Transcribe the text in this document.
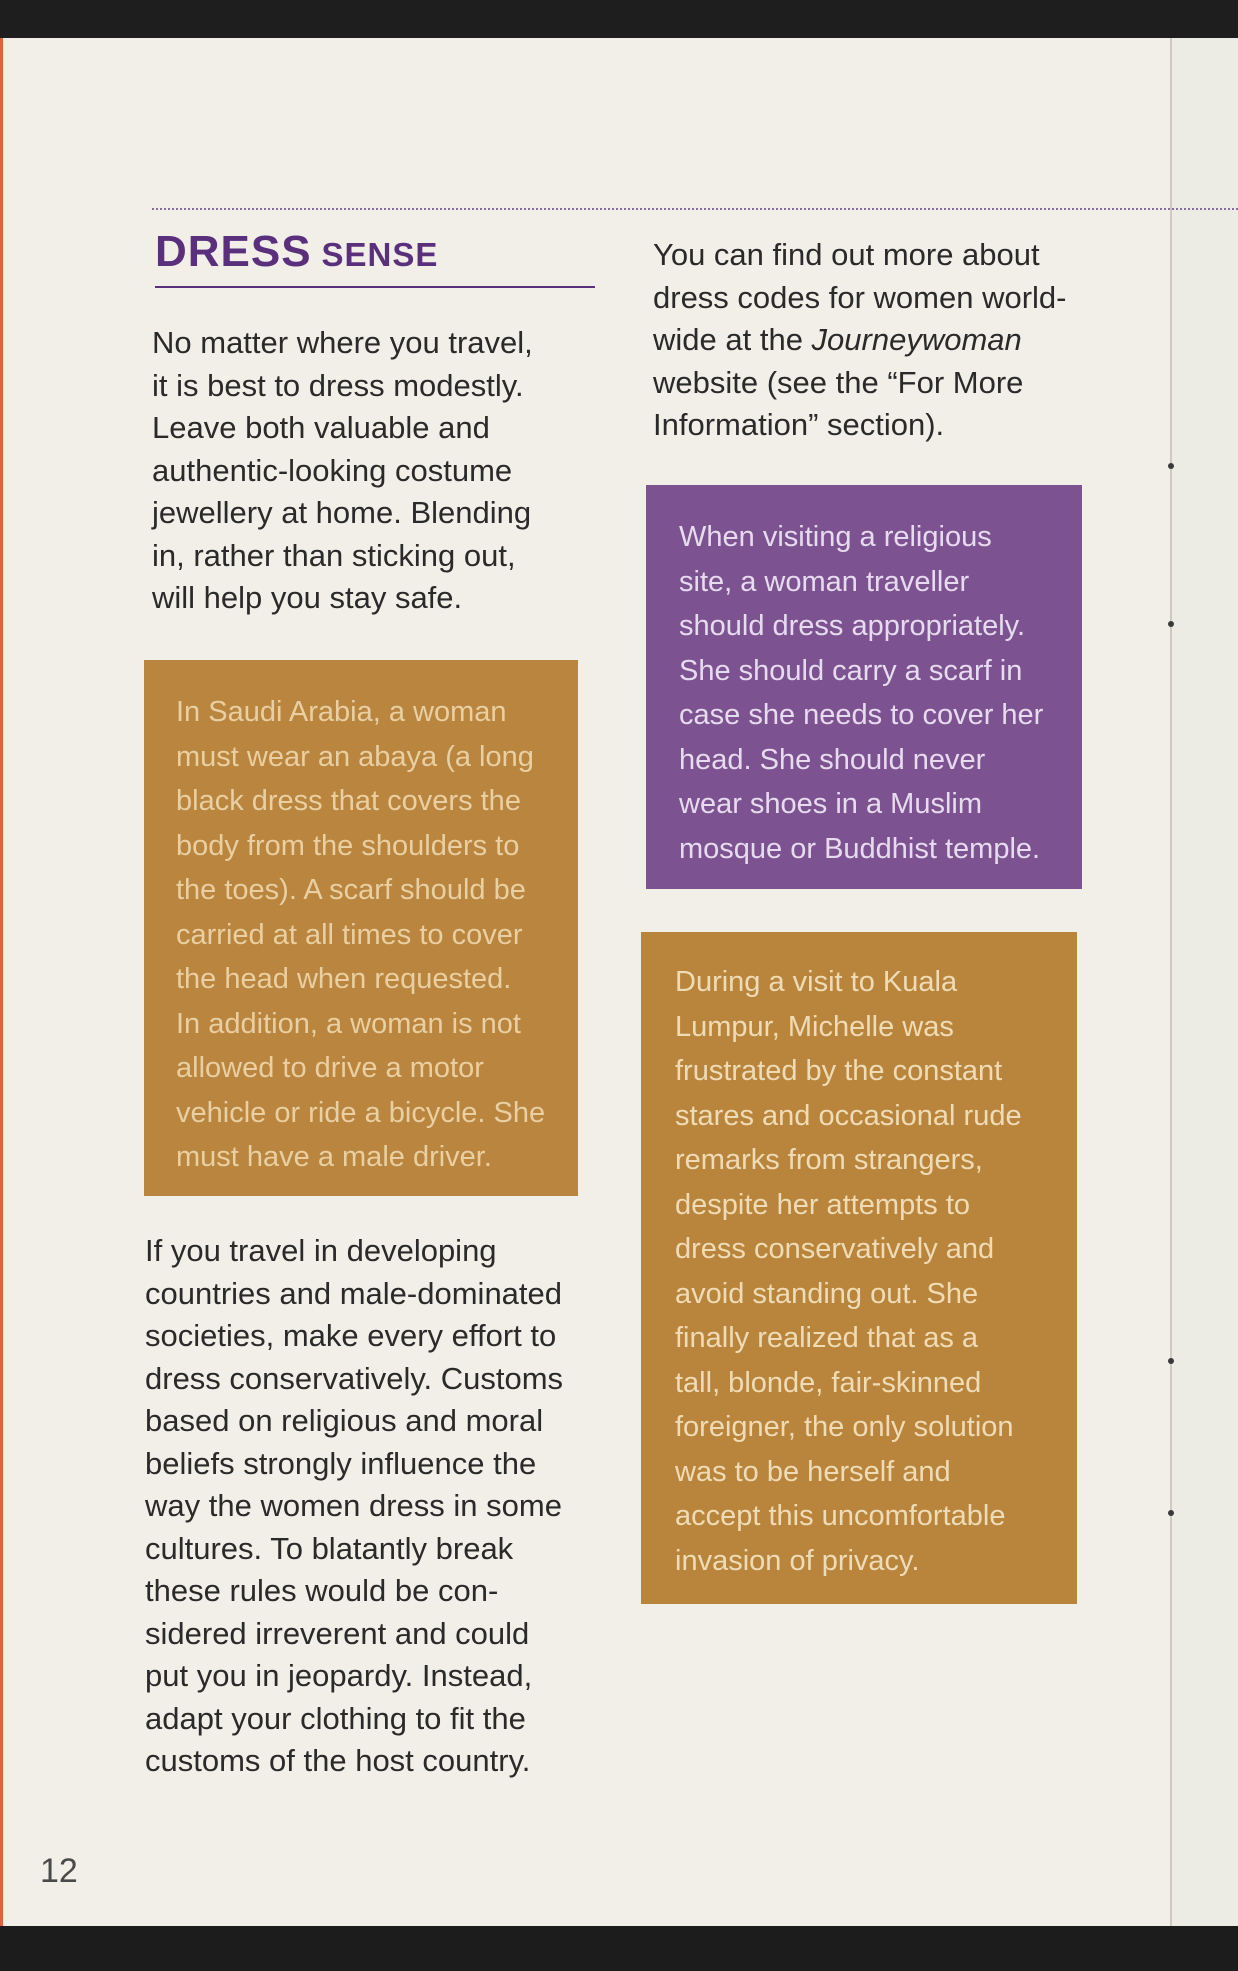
DRESS SENSE

No matter where you travel,
it is best to dress modestly.
Leave both valuable and
authentic-looking costume
jewellery at home. Blending
in, rather than sticking out,
will help you stay safe.

In Saudi Arabia, a woman
must wear an abaya (a long
black dress that covers the
body from the shoulders to
the toes). A scarf should be
carried at all times to cover
the head when requested.
In addition, a woman is not
allowed to drive a motor
vehicle or ride a bicycle. She
must have a male driver.

If you travel in developing
countries and male-dominated
societies, make every effort to
dress conservatively. Customs
based on religious and moral
beliefs strongly influence the
way the women dress in some
cultures. To blatantly break
these rules would be con-
sidered irreverent and could
put you in jeopardy. Instead,
adapt your clothing to fit the
customs of the host country.

You can find out more about
dress codes for women world-
wide at the Journeywoman
website (see the “For More
Information” section).

When visiting a religious
site, a woman traveller
should dress appropriately.
She should carry a scarf in
case she needs to cover her
head. She should never
wear shoes in a Muslim
mosque or Buddhist temple.
During a visit to Kuala
Lumpur, Michelle was
frustrated by the constant
stares and occasional rude
remarks from strangers,
despite her attempts to
dress conservatively and
avoid standing out. She
finally realized that as a
tall, blonde, fair-skinned
foreigner, the only solution
was to be herself and
accept this uncomfortable
invasion of privacy.

12
